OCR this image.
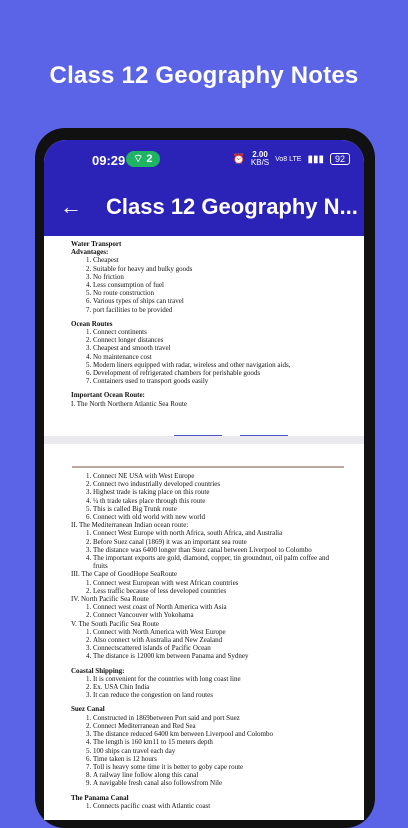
Class 12 Geography Notes
09:29 ⌔ 2	⏰ 2.00
KB/S Vo8 LTE ▮▮▮	92
← Class 12 Geography N...
Water Transport
Advantages:
1. Cheapest
2. Suitable for heavy and bulky goods
3. No friction
4. Less consumption of fuel
5. No route construction
6. Various types of ships can travel
7. port facilities to be provided
Ocean Routes
1. Connect continents
2. Connect longer distances
3. Cheapest and smooth travel
4. No maintenance cost
5. Modern liners equipped with radar, wireless and other navigation aids,
6. Development of refrigerated chambers for perishable goods
7. Containers used to transport goods easily
Important Ocean Route:
I. The North Northern Atlantic Sea Route
1. Connect NE USA with West Europe
2. Connect two industrially developed countries
3. Highest trade is taking place on this route
4. ¼ th trade takes place through this route
5. This is called Big Trunk route
6. Connect with old world with new world
II. The Mediterranean Indian ocean route:
1. Connect West Europe with north Africa, south Africa, and Australia
2. Before Suez canal (1869) it was an important sea route
3. The distance was 6400 longer than Suez canal between Liverpool to Colombo
4. The important exports are gold, diamond, copper, tin groundnut, oil palm coffee and fruits
III. The Cape of GoodHope SeaRoute
1. Connect west European with west African countries
2. Less traffic because of less developed countries
IV. North Pacific Sea Route
1. Connect west coast of North America with Asia
2. Connect Vancouver with Yokohama
V. The South Pacific Sea Route
1. Connect with North America with West Europe
2. Also connect with Australia and New Zealand
3. Connectscattered islands of Pacific Ocean
4. The distance is 12000 km between Panama and Sydney
Coastal Shipping:
1. It is convenient for the countries with long coast line
2. Ex. USA Chin India
3. It can reduce the congestion on land routes
Suez Canal
1. Constructed in 1869between Port said and port Suez
2. Connect Mediterranean and Red Sea
3. The distance reduced 6400 km between Liverpool and Colombo
4. The length is 160 km11 to 15 meters depth
5. 100 ships can travel each day
6. Time taken is 12 hours
7. Toll is heavy some time it is better to goby cape route
8. A railway line follow along this canal
9. A navigable fresh canal also followsfrom Nile
The Panama Canal
1. Connects pacific coast with Atlantic coast
